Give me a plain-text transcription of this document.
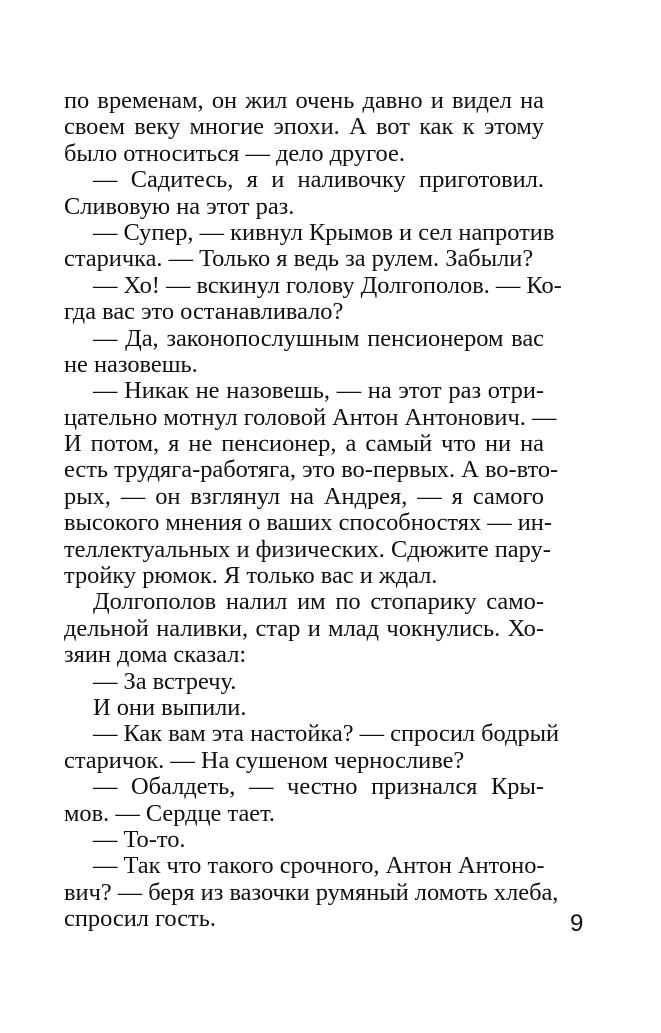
по временам, он жил очень давно и видел на
своем веку многие эпохи. А вот как к этому
было относиться — дело другое.
— Садитесь, я и наливочку приготовил.
Сливовую на этот раз.
— Супер, — кивнул Крымов и сел напротив
старичка. — Только я ведь за рулем. Забыли?
— Хо! — вскинул голову Долгополов. — Ко-
гда вас это останавливало?
— Да, законопослушным пенсионером вас
не назовешь.
— Никак не назовешь, — на этот раз отри-
цательно мотнул головой Антон Антонович. —
И потом, я не пенсионер, а самый что ни на
есть трудяга-работяга, это во-первых. А во-вто-
рых, — он взглянул на Андрея, — я самого
высокого мнения о ваших способностях — ин-
теллектуальных и физических. Сдюжите пару-
тройку рюмок. Я только вас и ждал.
Долгополов налил им по стопарику само-
дельной наливки, стар и млад чокнулись. Хо-
зяин дома сказал:
— За встречу.
И они выпили.
— Как вам эта настойка? — спросил бодрый
старичок. — На сушеном черносливе?
— Обалдеть, — честно признался Кры-
мов. — Сердце тает.
— То-то.
— Так что такого срочного, Антон Антоно-
вич? — беря из вазочки румяный ломоть хлеба,
спросил гость.	9
